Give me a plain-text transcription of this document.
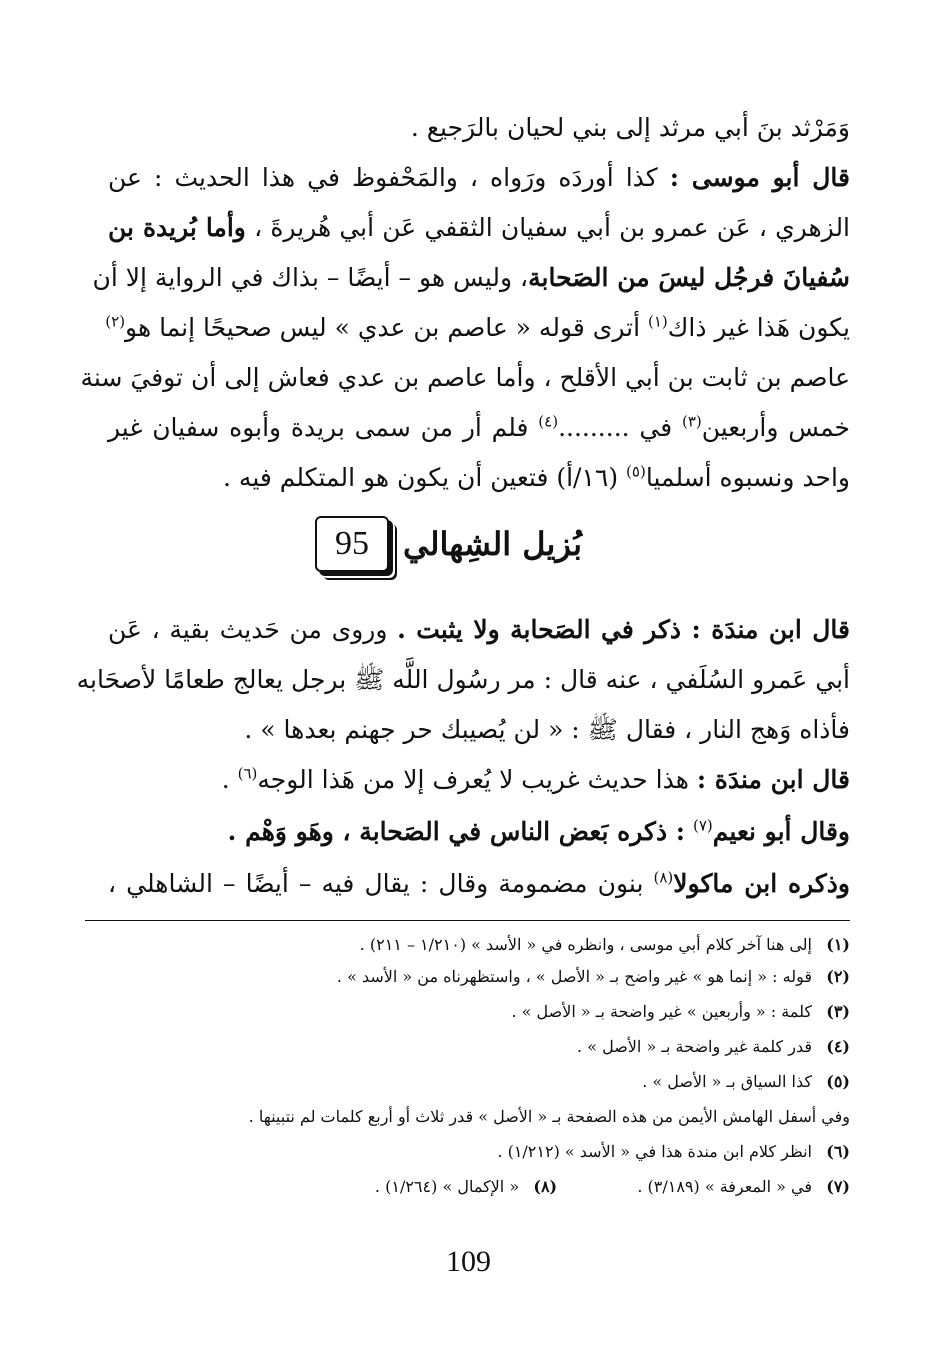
وَمَرْثد بنَ أبي مرثد إلى بني لحيان بالرَجيع .
قال أبو موسى : كذا أوردَه ورَواه ، والمَحْفوظ في هذا الحديث : عن
الزهري ، عَن عمرو بن أبي سفيان الثقفي عَن أبي هُريرةَ ، وأما بُريدة بن
سُفيانَ فرجُل ليسَ من الصَحابة، وليس هو – أيضًا – بذاك في الرواية إلا أن
يكون هَذا غير ذاك$^{(١)}$ أترى قوله « عاصم بن عدي » ليس صحيحًا إنما هو$^{(٢)}$
عاصم بن ثابت بن أبي الأقلح ، وأما عاصم بن عدي فعاش إلى أن توفيَ سنة
خمس وأربعين$^{(٣)}$ في .........$^{(٤)}$ فلم أر من سمى بريدة وأبوه سفيان غير
واحد ونسبوه أسلميا$^{(٥)}$ (١٦/أ) فتعين أن يكون هو المتكلم فيه .
بُزيل الشِهالي
95
قال ابن مندَة : ذكر في الصَحابة ولا يثبت . وروى من حَديث بقية ، عَن
أبي عَمرو السُلَفي ، عنه قال : مر رسُول اللَّه ﷺ برجل يعالج طعامًا لأصحَابه
فأذاه وَهج النار ، فقال ﷺ : « لن يُصيبك حر جهنم بعدها » .
قال ابن مندَة : هذا حديث غريب لا يُعرف إلا من هَذا الوجه$^{(٦)}$ .
وقال أبو نعيم$^{(٧)}$ : ذكره بَعض الناس في الصَحابة ، وهَو وَهْم .
وذكره ابن ماكولا$^{(٨)}$ بنون مضمومة وقال : يقال فيه – أيضًا – الشاهلي ،
(١)إلى هنا آخر كلام أبي موسى ، وانظره في « الأسد » (١/٢١٠ – ٢١١) .
(٢)قوله : « إنما هو » غير واضح بـ « الأصل » ، واستظهرناه من « الأسد » .
(٣)كلمة : « وأربعين » غير واضحة بـ « الأصل » .
(٤)قدر كلمة غير واضحة بـ « الأصل » .
(٥)كذا السياق بـ « الأصل » .
وفي أسفل الهامش الأيمن من هذه الصفحة بـ « الأصل » قدر ثلاث أو أربع كلمات لم نتبينها .
(٦)انظر كلام ابن مندة هذا في « الأسد » (١/٢١٢) .
(٧)في « المعرفة » (٣/١٨٩) .  (٨)« الإكمال » (١/٢٦٤) .
109
